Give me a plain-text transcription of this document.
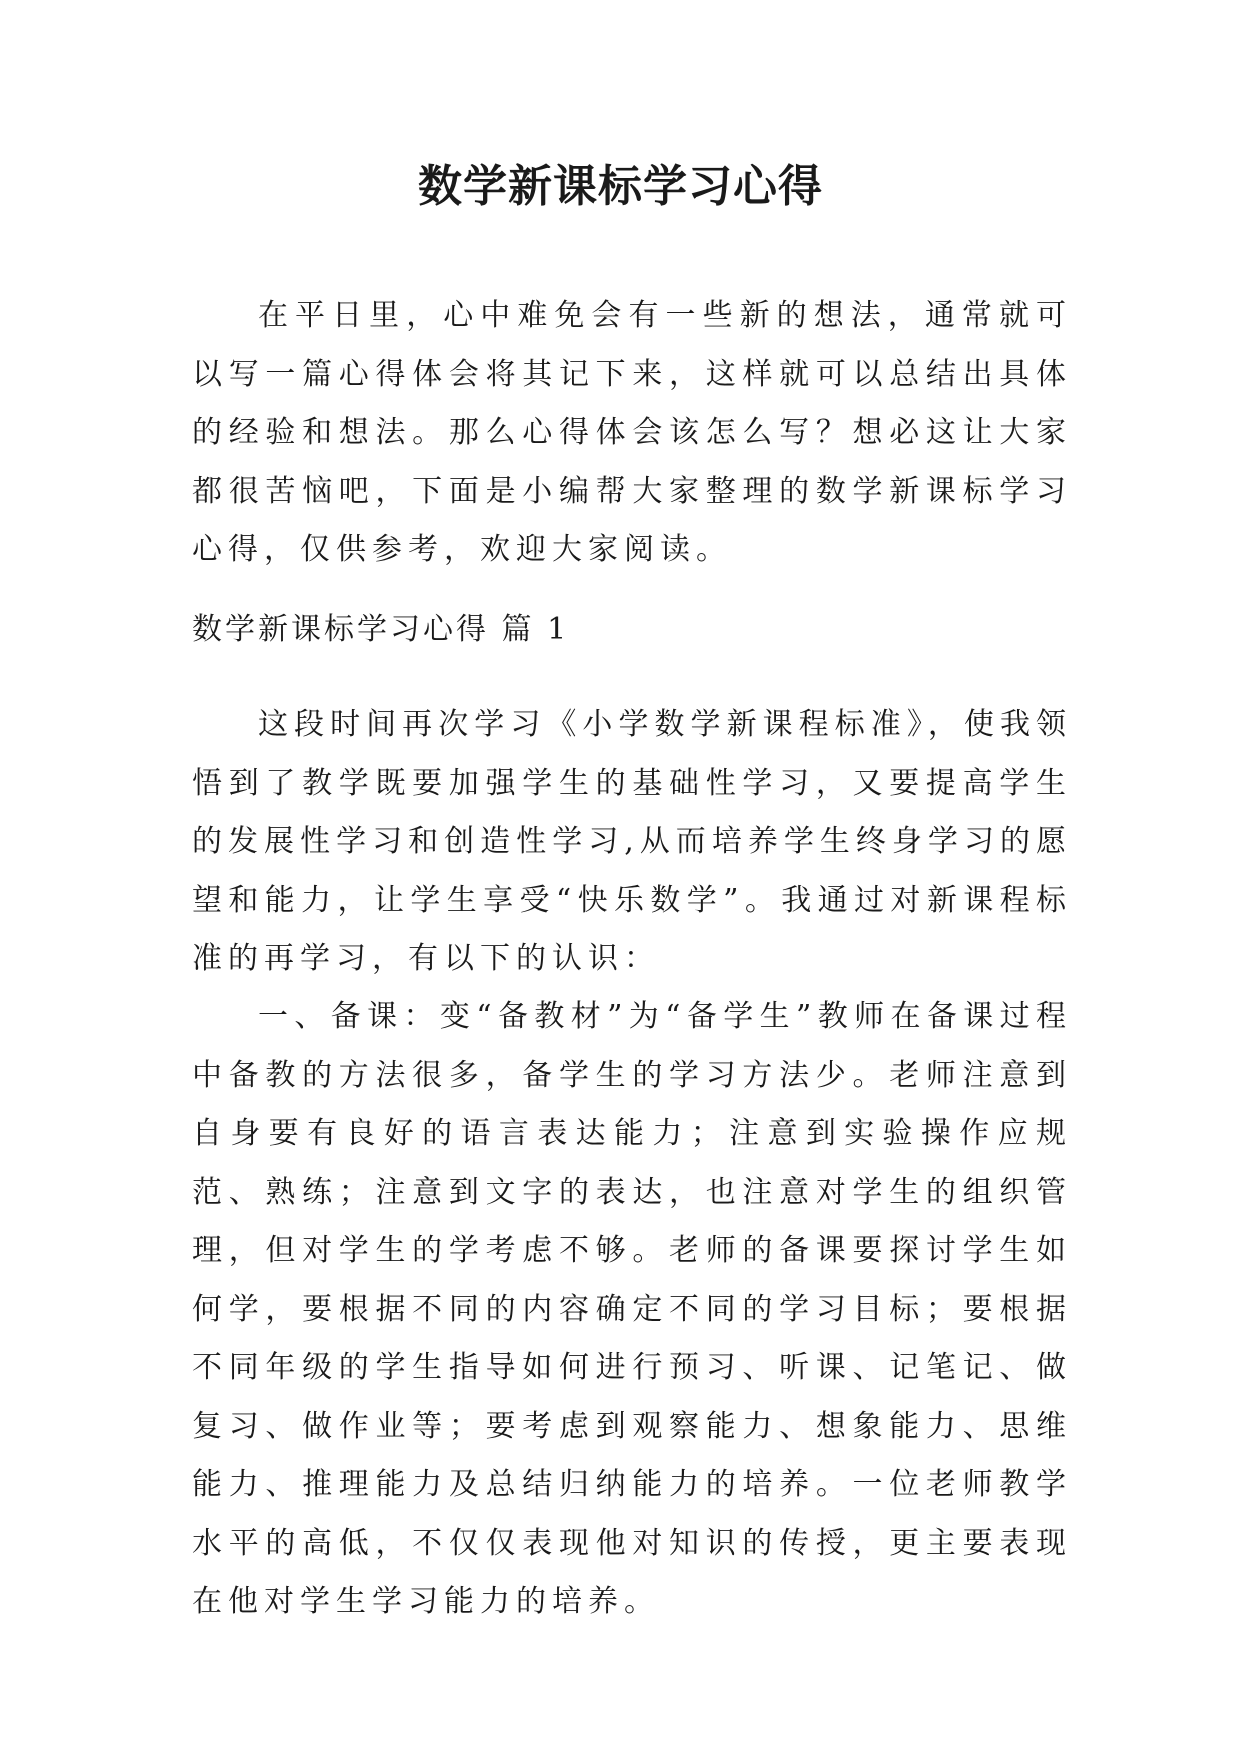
数学新课标学习心得

在平日里，心中难免会有一些新的想法，通常就可以写一篇心得体会将其记下来，这样就可以总结出具体的经验和想法。那么心得体会该怎么写？想必这让大家都很苦恼吧，下面是小编帮大家整理的数学新课标学习心得，仅供参考，欢迎大家阅读。

数学新课标学习心得 篇 1

这段时间再次学习《小学数学新课程标准》，使我领悟到了教学既要加强学生的基础性学习，又要提高学生的发展性学习和创造性学习,从而培养学生终身学习的愿望和能力，让学生享受“快乐数学”。我通过对新课程标准的再学习，有以下的认识：

一、备课：变“备教材”为“备学生”教师在备课过程中备教的方法很多，备学生的学习方法少。老师注意到自身要有良好的语言表达能力；注意到实验操作应规范、熟练；注意到文字的表达，也注意对学生的组织管理，但对学生的学考虑不够。老师的备课要探讨学生如何学，要根据不同的内容确定不同的学习目标；要根据不同年级的学生指导如何进行预习、听课、记笔记、做复习、做作业等；要考虑到观察能力、想象能力、思维能力、推理能力及总结归纳能力的培养。一位老师教学水平的高低，不仅仅表现他对知识的传授，更主要表现在他对学生学习能力的培养。
